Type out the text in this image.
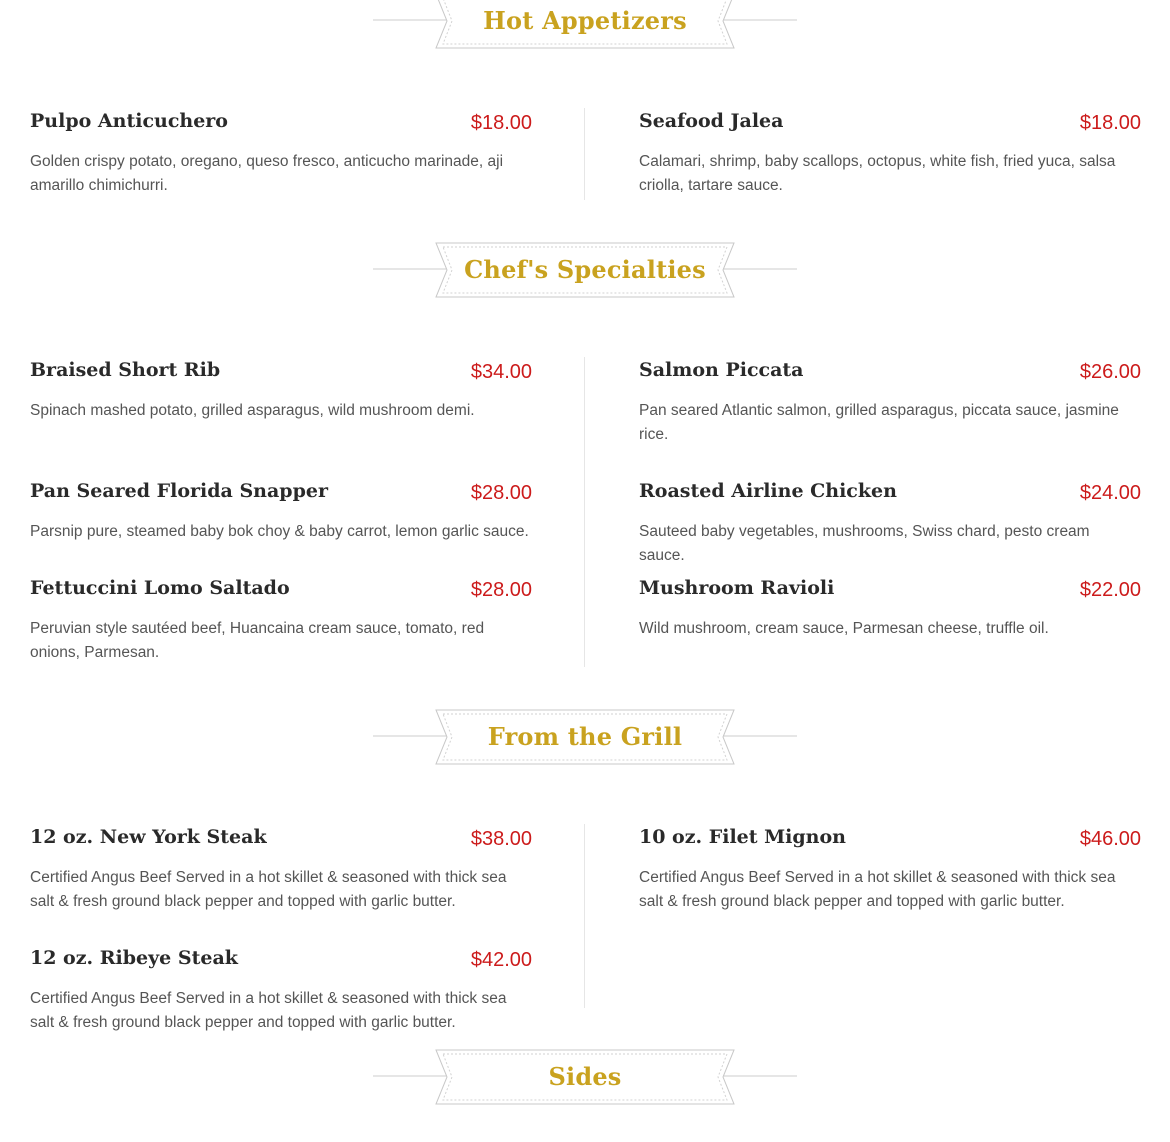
Hot Appetizers
Pulpo Anticuchero	$18.00

Golden crispy potato, oregano, queso fresco, anticucho marinade, aji amarillo chimichurri.

Seafood Jalea	$18.00

Calamari, shrimp, baby scallops, octopus, white fish, fried yuca, salsa criolla, tartare sauce.

Chef's Specialties
Braised Short Rib	$34.00

Spinach mashed potato, grilled asparagus, wild mushroom demi.

Salmon Piccata	$26.00

Pan seared Atlantic salmon, grilled asparagus, piccata sauce, jasmine rice.

Pan Seared Florida Snapper	$28.00

Parsnip pure, steamed baby bok choy & baby carrot, lemon garlic sauce.

Roasted Airline Chicken	$24.00

Sauteed baby vegetables, mushrooms, Swiss chard, pesto cream sauce.

Fettuccini Lomo Saltado	$28.00

Peruvian style sautéed beef, Huancaina cream sauce, tomato, red onions, Parmesan.

Mushroom Ravioli	$22.00

Wild mushroom, cream sauce, Parmesan cheese, truffle oil.

From the Grill
12 oz. New York Steak	$38.00

Certified Angus Beef Served in a hot skillet & seasoned with thick sea salt & fresh ground black pepper and topped with garlic butter.

10 oz. Filet Mignon	$46.00

Certified Angus Beef Served in a hot skillet & seasoned with thick sea salt & fresh ground black pepper and topped with garlic butter.

12 oz. Ribeye Steak	$42.00

Certified Angus Beef Served in a hot skillet & seasoned with thick sea salt & fresh ground black pepper and topped with garlic butter.

Sides
